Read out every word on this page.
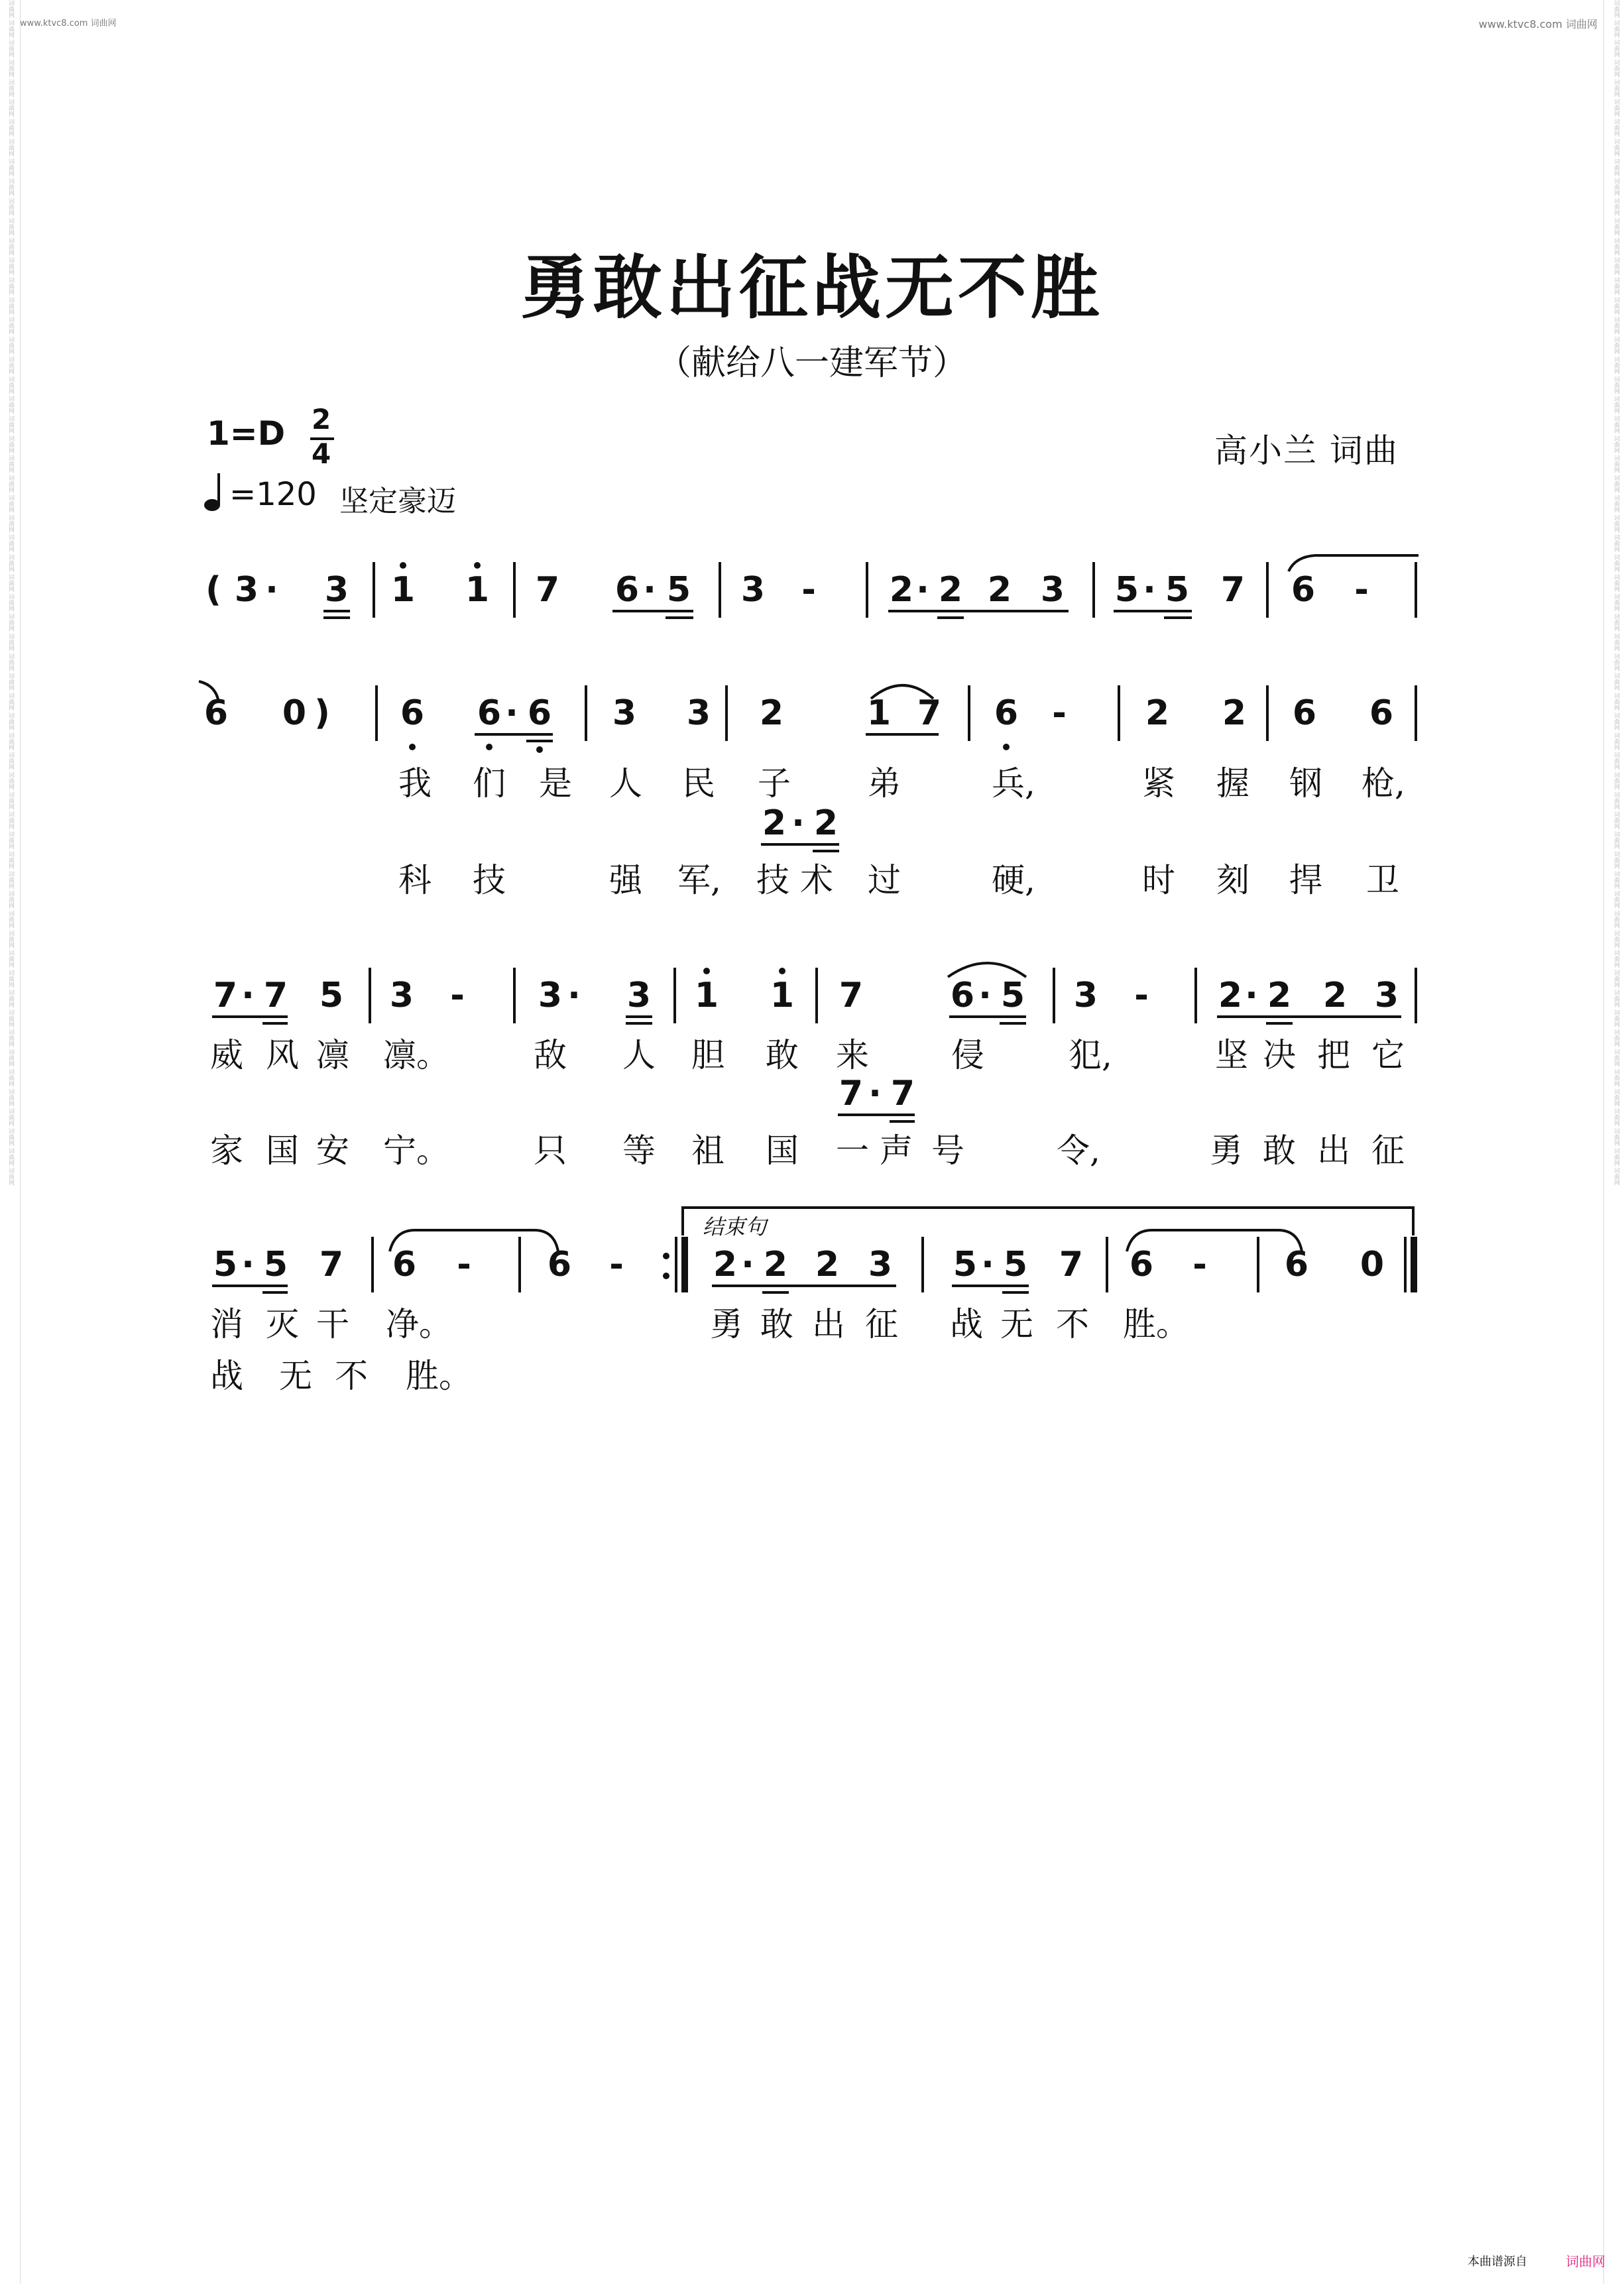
词曲网 词曲网 词曲网 词曲网 词曲网 词曲网 词曲网 词曲网 词曲网 词曲网 词曲网 词曲网 词曲网 词曲网 词曲网 词曲网 词曲网 词曲网 词曲网 词曲网 词曲网 词曲网 词曲网 词曲网 词曲网 词曲网 词曲网 词曲网 词曲网 词曲网 词曲网 词曲网 词曲网 词曲网 词曲网 词曲网 词曲网 词曲网 词曲网 词曲网 词曲网 词曲网 词曲网 词曲网 词曲网 词曲网 词曲网 词曲网 词曲网 词曲网 词曲网 词曲网 词曲网 词曲网 词曲网 词曲网 词曲网 词曲网 词曲网 词曲网	词曲网 词曲网 词曲网 词曲网 词曲网 词曲网 词曲网 词曲网 词曲网 词曲网 词曲网 词曲网 词曲网 词曲网 词曲网 词曲网 词曲网 词曲网 词曲网 词曲网 词曲网 词曲网 词曲网 词曲网 词曲网 词曲网 词曲网 词曲网 词曲网 词曲网 词曲网 词曲网 词曲网 词曲网 词曲网 词曲网 词曲网 词曲网 词曲网 词曲网 词曲网 词曲网 词曲网 词曲网 词曲网 词曲网 词曲网 词曲网 词曲网 词曲网 词曲网 词曲网 词曲网 词曲网 词曲网 词曲网 词曲网 词曲网 词曲网 词曲网
www.ktvc8.com 词曲网	www.ktvc8.com 词曲网
勇敢出征战无不胜
（献给八一建军节）
1=D 2
4
=120 坚定豪迈
高小兰 词曲
( 3 ·	3 1 1 7 6 · 5 3	-	2 · 2 2 3 5 · 5 7 6	-
6 0 )	6 6 · 6 3 3 2 1 7 6 -	2 2 6 6
我 们 是 人 民 子 弟	兵,	紧 握 钢 枪,
2 · 2
科 技	强 军, 技 术 过	硬,	时 刻 捍 卫
7 · 7 5 3	-	3 ·	3 1 1 7	6 · 5 3	-	2 · 2 2 3
威 风 凛 凛。	敌 人 胆 敢 来 侵	犯,	坚 决 把 它
7 · 7
家 国 安 宁。	只 等 祖 国 一 声 号	令,	勇 敢 出 征
结束句
5 · 5 7 6	-	6	-	2 · 2 2 3 5 · 5 7 6	-	6 0
消 灭 干 净。	勇 敢 出 征 战 无 不 胜。
战 无 不 胜。
本曲谱源自	词曲网
